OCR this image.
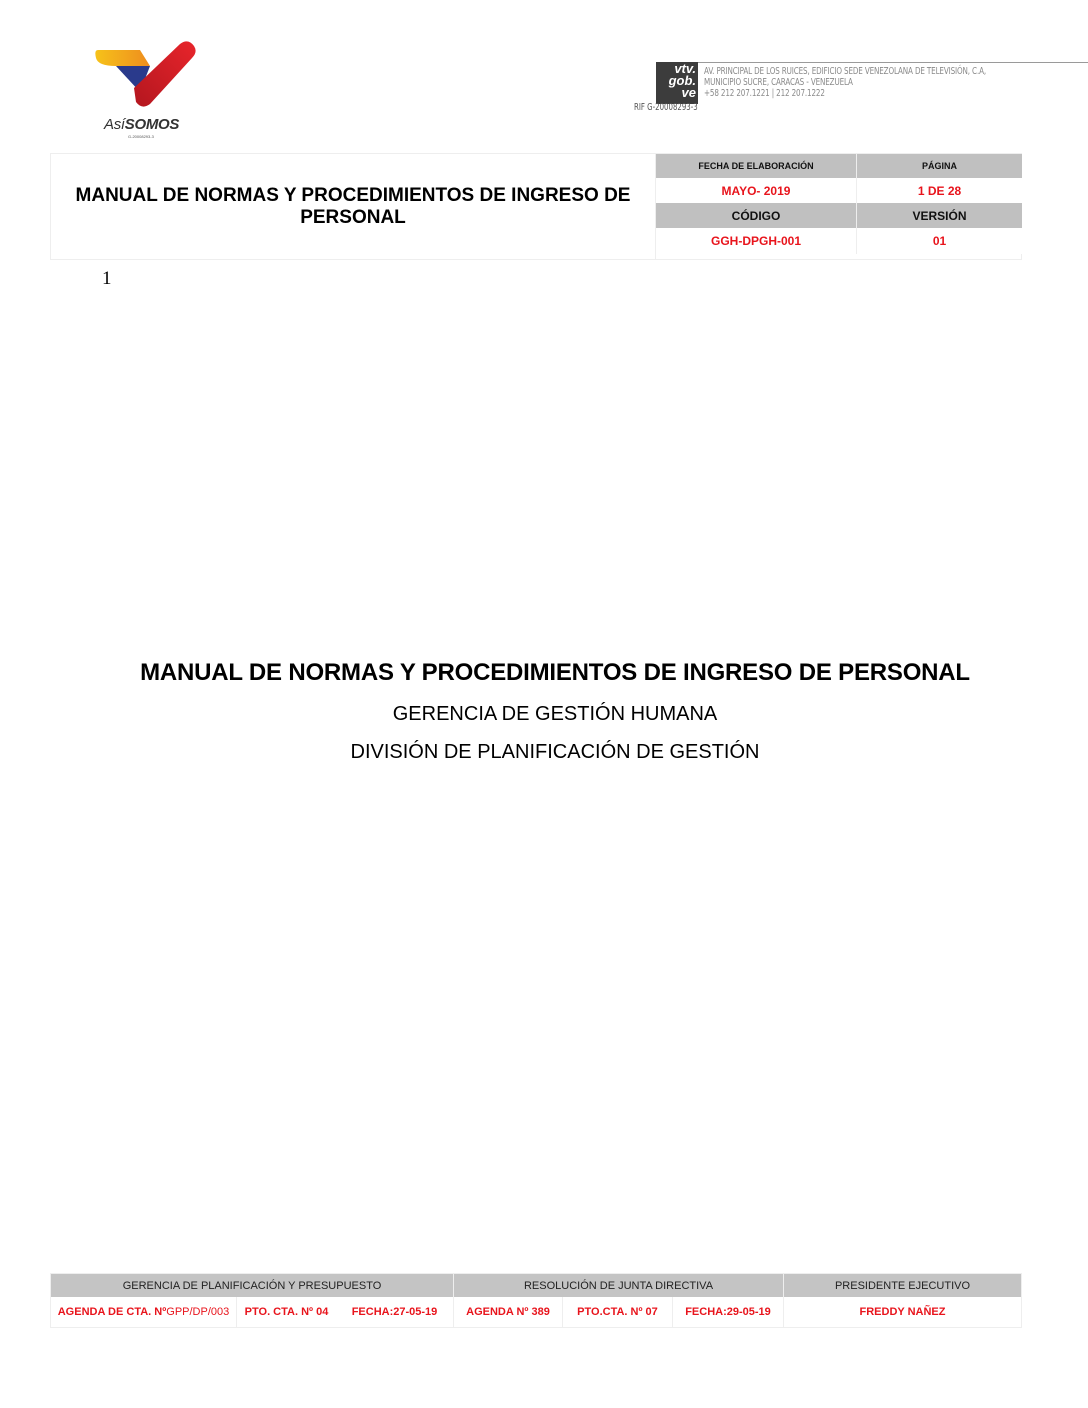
AsíSOMOS
G-20008293-3
vtv.
gob.
ve
AV. PRINCIPAL DE LOS RUICES, EDIFICIO SEDE VENEZOLANA DE TELEVISIÓN, C.A,
MUNICIPIO SUCRE, CARACAS - VENEZUELA
+58 212 207.1221 | 212 207.1222
RIF G-20008293-3
MANUAL DE NORMAS Y PROCEDIMIENTOS DE INGRESO DE PERSONAL
FECHA DE ELABORACIÓN	PÁGINA
MAYO- 2019	1 DE 28
CÓDIGO	VERSIÓN
GGH-DPGH-001	01
1
MANUAL DE NORMAS Y PROCEDIMIENTOS DE INGRESO DE PERSONAL
GERENCIA DE GESTIÓN HUMANA
DIVISIÓN DE PLANIFICACIÓN DE GESTIÓN
GERENCIA DE PLANIFICACIÓN Y PRESUPUESTO	RESOLUCIÓN DE JUNTA DIRECTIVA	PRESIDENTE EJECUTIVO
AGENDA DE CTA. Nº GPP/DP/003	PTO. CTA. Nº 04	FECHA:27-05-19	AGENDA Nº 389	PTO.CTA. Nº 07	FECHA:29-05-19	FREDDY NAÑEZ
